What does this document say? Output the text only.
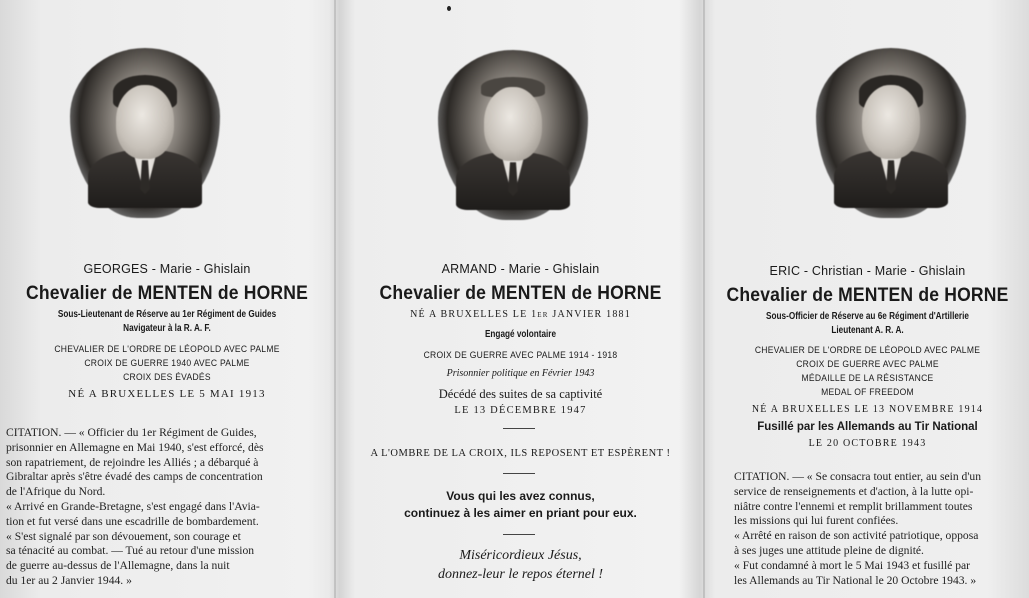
GEORGES - Marie - Ghislain
Chevalier de MENTEN de HORNE
Sous-Lieutenant de Réserve au 1er Régiment de Guides
Navigateur à la R. A. F.
CHEVALIER DE L'ORDRE DE LÉOPOLD AVEC PALME
CROIX DE GUERRE 1940 AVEC PALME
CROIX DES ÉVADÉS
NÉ A BRUXELLES LE 5 MAI 1913
CITATION. — « Officier du 1er Régiment de Guides,
prisonnier en Allemagne en Mai 1940, s'est efforcé, dès
son rapatriement, de rejoindre les Alliés ; a débarqué à
Gibraltar après s'être évadé des camps de concentration
de l'Afrique du Nord.
« Arrivé en Grande-Bretagne, s'est engagé dans l'Avia-
tion et fut versé dans une escadrille de bombardement.
« S'est signalé par son dévouement, son courage et
sa ténacité au combat. — Tué au retour d'une mission
de guerre au-dessus de l'Allemagne, dans la nuit
du 1er au 2 Janvier 1944. »
ARMAND - Marie - Ghislain
Chevalier de MENTEN de HORNE
NÉ A BRUXELLES LE 1er JANVIER 1881
Engagé volontaire
CROIX DE GUERRE AVEC PALME 1914 - 1918
Prisonnier politique en Février 1943
Décédé des suites de sa captivité
LE 13 DÉCEMBRE 1947
A L'OMBRE DE LA CROIX, ILS REPOSENT ET ESPÈRENT !
Vous qui les avez connus,
continuez à les aimer en priant pour eux.
Miséricordieux Jésus,
donnez-leur le repos éternel !
ERIC - Christian - Marie - Ghislain
Chevalier de MENTEN de HORNE
Sous-Officier de Réserve au 6e Régiment d'Artillerie
Lieutenant A. R. A.
CHEVALIER DE L'ORDRE DE LÉOPOLD AVEC PALME
CROIX DE GUERRE AVEC PALME
MÉDAILLE DE LA RÉSISTANCE
MEDAL OF FREEDOM
NÉ A BRUXELLES LE 13 NOVEMBRE 1914
Fusillé par les Allemands au Tir National
LE 20 OCTOBRE 1943
CITATION. — « Se consacra tout entier, au sein d'un
service de renseignements et d'action, à la lutte opi-
niâtre contre l'ennemi et remplit brillamment toutes
les missions qui lui furent confiées.
« Arrêté en raison de son activité patriotique, opposa
à ses juges une attitude pleine de dignité.
« Fut condamné à mort le 5 Mai 1943 et fusillé par
les Allemands au Tir National le 20 Octobre 1943. »
